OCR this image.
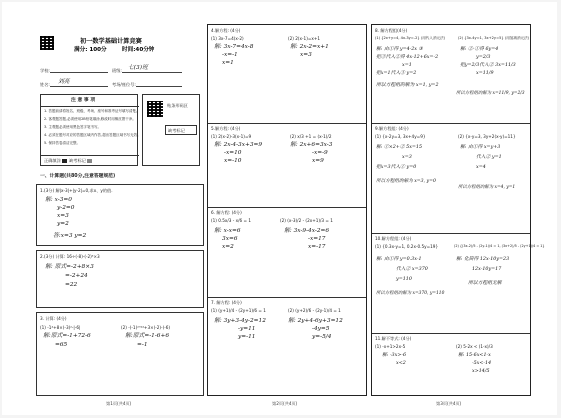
初一数学基础计算竞赛
满分: 100分	时间:40分钟
学校:	班级: 七(3)班
姓名: 刘亮	考场/座位号:
注 意 事 项
1. 答题前请将姓名、班级、考场、座号和准考证号填写清楚。
2. 客观题答题,必须使用2B铅笔填涂,修改时用橡皮擦干净。
3. 主观题必须使用黑色签字笔书写。
4. 必须在题号对应的答题区域内作答,超出答题区域书写无效。
5. 保持答卷清洁完整。
正确填涂 缺考标记
贴条形码区
缺考标记
一、计算题(共80分,注意答题规范)
1.(3分) 解|x-3|+|y-2|=0,求x、y的值.
解: x-3=0
y-2=0
x=3
y=2
答:x=3 y=2
2.(3分) 计算: 16÷(-8)-(-2)³×3
解: 原式=-2+8×3
=-2+24
=22
3. 计算: (4分)
(1) -1⁴+8×(-3)²-|-6|
解:原式=-1+72-6
=65
(2) -(-1)²⁰²⁴+3×(-2)-(-6)
解:原式=-1-6+6
=-1
4.解方程: (4分)
(1) 3x-7=4(x-2)
解: 3x-7=4x-8
-x=-1
x=1
(2) 2(x-1)=x+1
解: 2x-2=x+1
x=3
5.解方程: (4分)
(1) 2(x-2)-3(x-1)=9
解: 2x-4-3x+3=9
-x=10
x=-10
(2) x/3 +1 = (x-1)/2
解: 2x+6=3x-3
-x=-9
x=9
6. 解方程: (4分)
(1) 0.5x/3 - x/6 = 1
解: x-x=6
3x=6
x=2
(2) (x-3)/2 - (2x+1)/3 = 1
解: 3x-9-4x-2=6
-x=17
x=-17
7. 解方程: (4分)
(1) (y+1)/4 - (2y+1)/6 = 1
解: 3y+3-4y-2=12
-y=11
y=-11
(2) (y+2)/6 - (2y-1)/4 = 1
解: 2y+4-6y+3=12
-4y=5
y=-5/4
8. 解方程组(4分)
(1) {2x+y=4, 4x-3y=-2} (用代入消元法)
解: 由①得 y=4-2x ③
把③代入②得 4x-12+6x=-2
x=1
把x=1代入③ y=2
所以方程组的解为 x=1, y=2
(2) {3x-4y=1, 3x+2y=5} (用加减消元法)
解: ②-①得 6y=4
y=2/3
把y=2/3代入② 3x=11/3
x=11/9
所以方程组的解为 x=11/9, y=2/3
9.解方程组: (4分)
(1) {x-2y=3, 3x+4y=9}
解: ①×2+② 5x=15
x=3
把x=3代入① y=0
所以方程组的解为 x=3, y=0
(2) {x-y=3, 3y+2(x-y)=11}
解: 由①得 x=y+3
代入② y=1
x=4
所以方程组的解为 x=4, y=1
10.解方程组: (4分)
(1) {0.3x-y=1, 0.2x-0.5y=19}
解: 由①得 y=0.3x-1
代入② x=370
y=110
所以方程组的解为 x=370, y=110
(2) {(3x-2)/5 - (2y-1)/4 = 1, (3x+2)/5 - (2y+1)/4 = 1}
解: 化简得 12x-10y=23
12x-10y=17
所以方程组无解
11.解不等式: (4分)
(1) -x+1>2x-5
解: -3x>-6
x<2
(2) 5-2x < (1-x)/3
解: 15-6x<1-x
-5x<-14
x>14/5
第1页(共4页)	第2页(共4页)	第3页(共4页)
